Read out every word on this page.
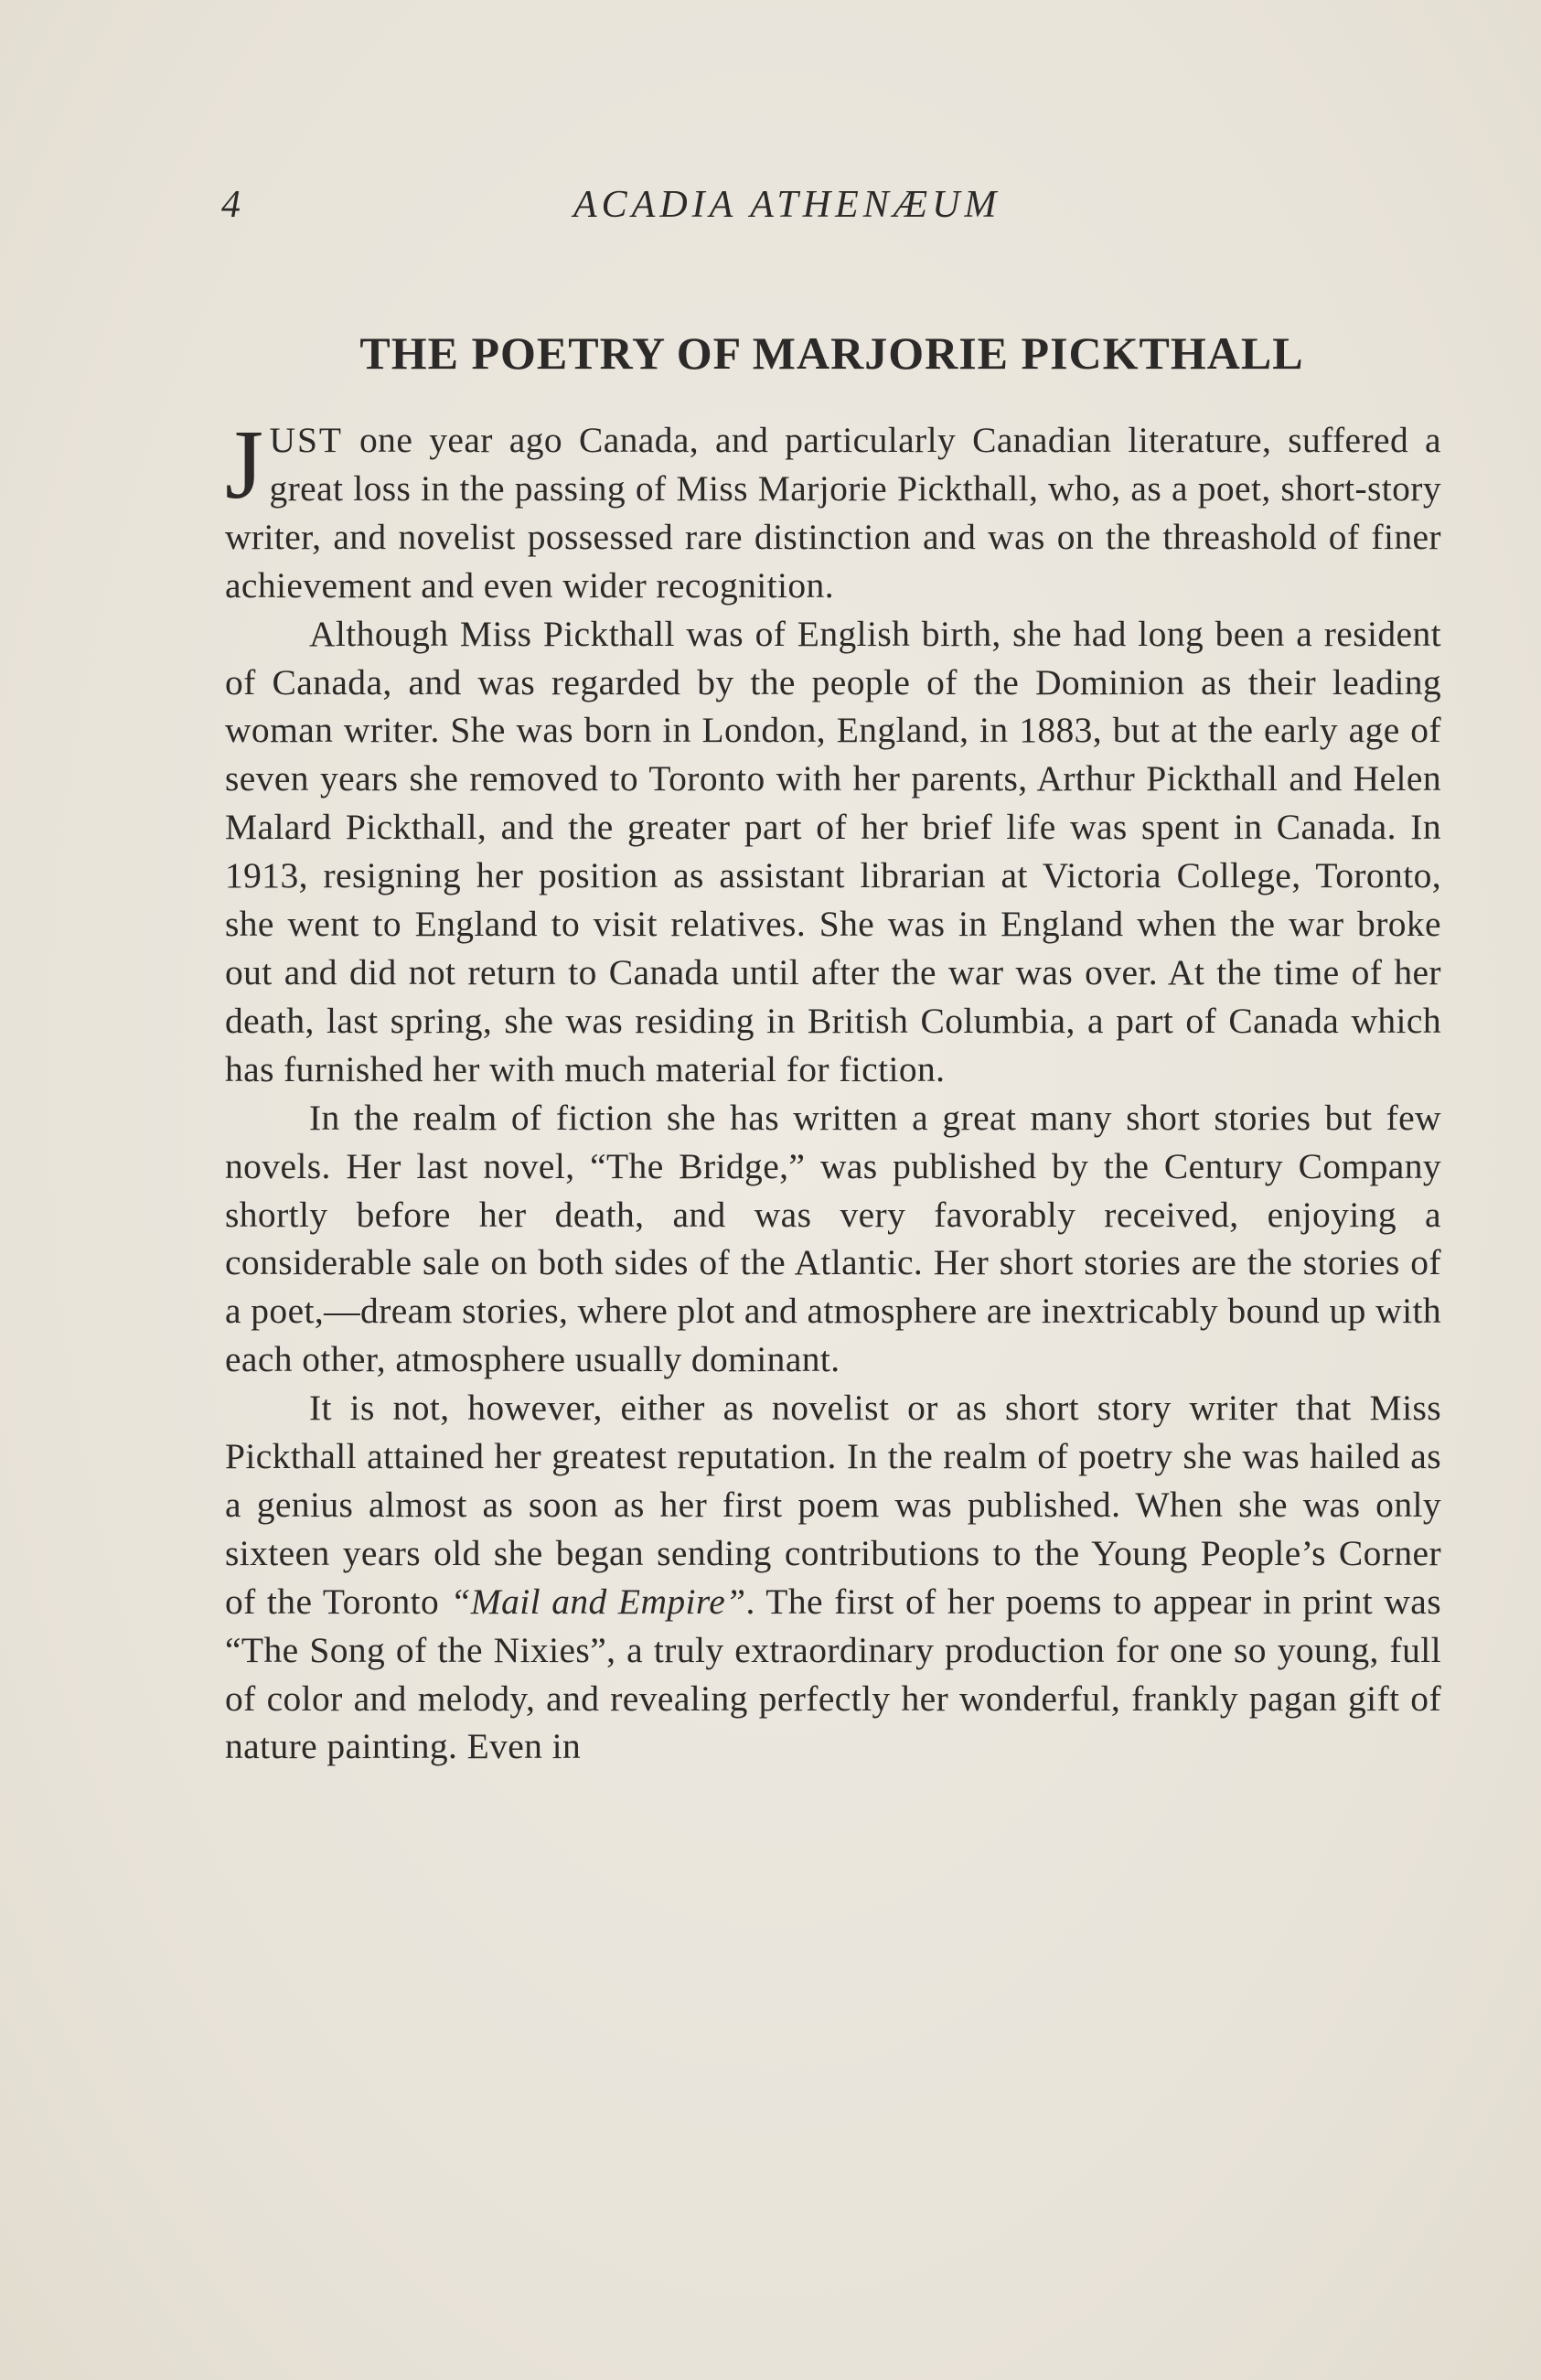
4	ACADIA ATHENÆUM
THE POETRY OF MARJORIE PICKTHALL

JUST one year ago Canada, and particularly Canadian literature, suffered a great loss in the passing of Miss Marjorie Pickthall, who, as a poet, short-story writer, and novelist possessed rare distinction and was on the threashold of finer achievement and even wider recognition.

Although Miss Pickthall was of English birth, she had long been a resident of Canada, and was regarded by the people of the Dominion as their leading woman writer. She was born in London, England, in 1883, but at the early age of seven years she removed to Toronto with her parents, Arthur Pickthall and Helen Malard Pickthall, and the greater part of her brief life was spent in Canada. In 1913, resigning her position as assistant librarian at Victoria College, Toronto, she went to England to visit relatives. She was in England when the war broke out and did not return to Canada until after the war was over. At the time of her death, last spring, she was residing in British Columbia, a part of Canada which has furnished her with much material for fiction.

In the realm of fiction she has written a great many short stories but few novels. Her last novel, “The Bridge,” was published by the Century Company shortly before her death, and was very favorably received, enjoying a considerable sale on both sides of the Atlantic. Her short stories are the stories of a poet,—dream stories, where plot and atmosphere are inextricably bound up with each other, atmosphere usually dominant.

It is not, however, either as novelist or as short story writer that Miss Pickthall attained her greatest reputation. In the realm of poetry she was hailed as a genius almost as soon as her first poem was published. When she was only sixteen years old she began sending contributions to the Young People’s Corner of the Toronto “Mail and Empire”. The first of her poems to appear in print was “The Song of the Nixies”, a truly extraordinary production for one so young, full of color and melody, and revealing perfectly her wonderful, frankly pagan gift of nature painting. Even in
